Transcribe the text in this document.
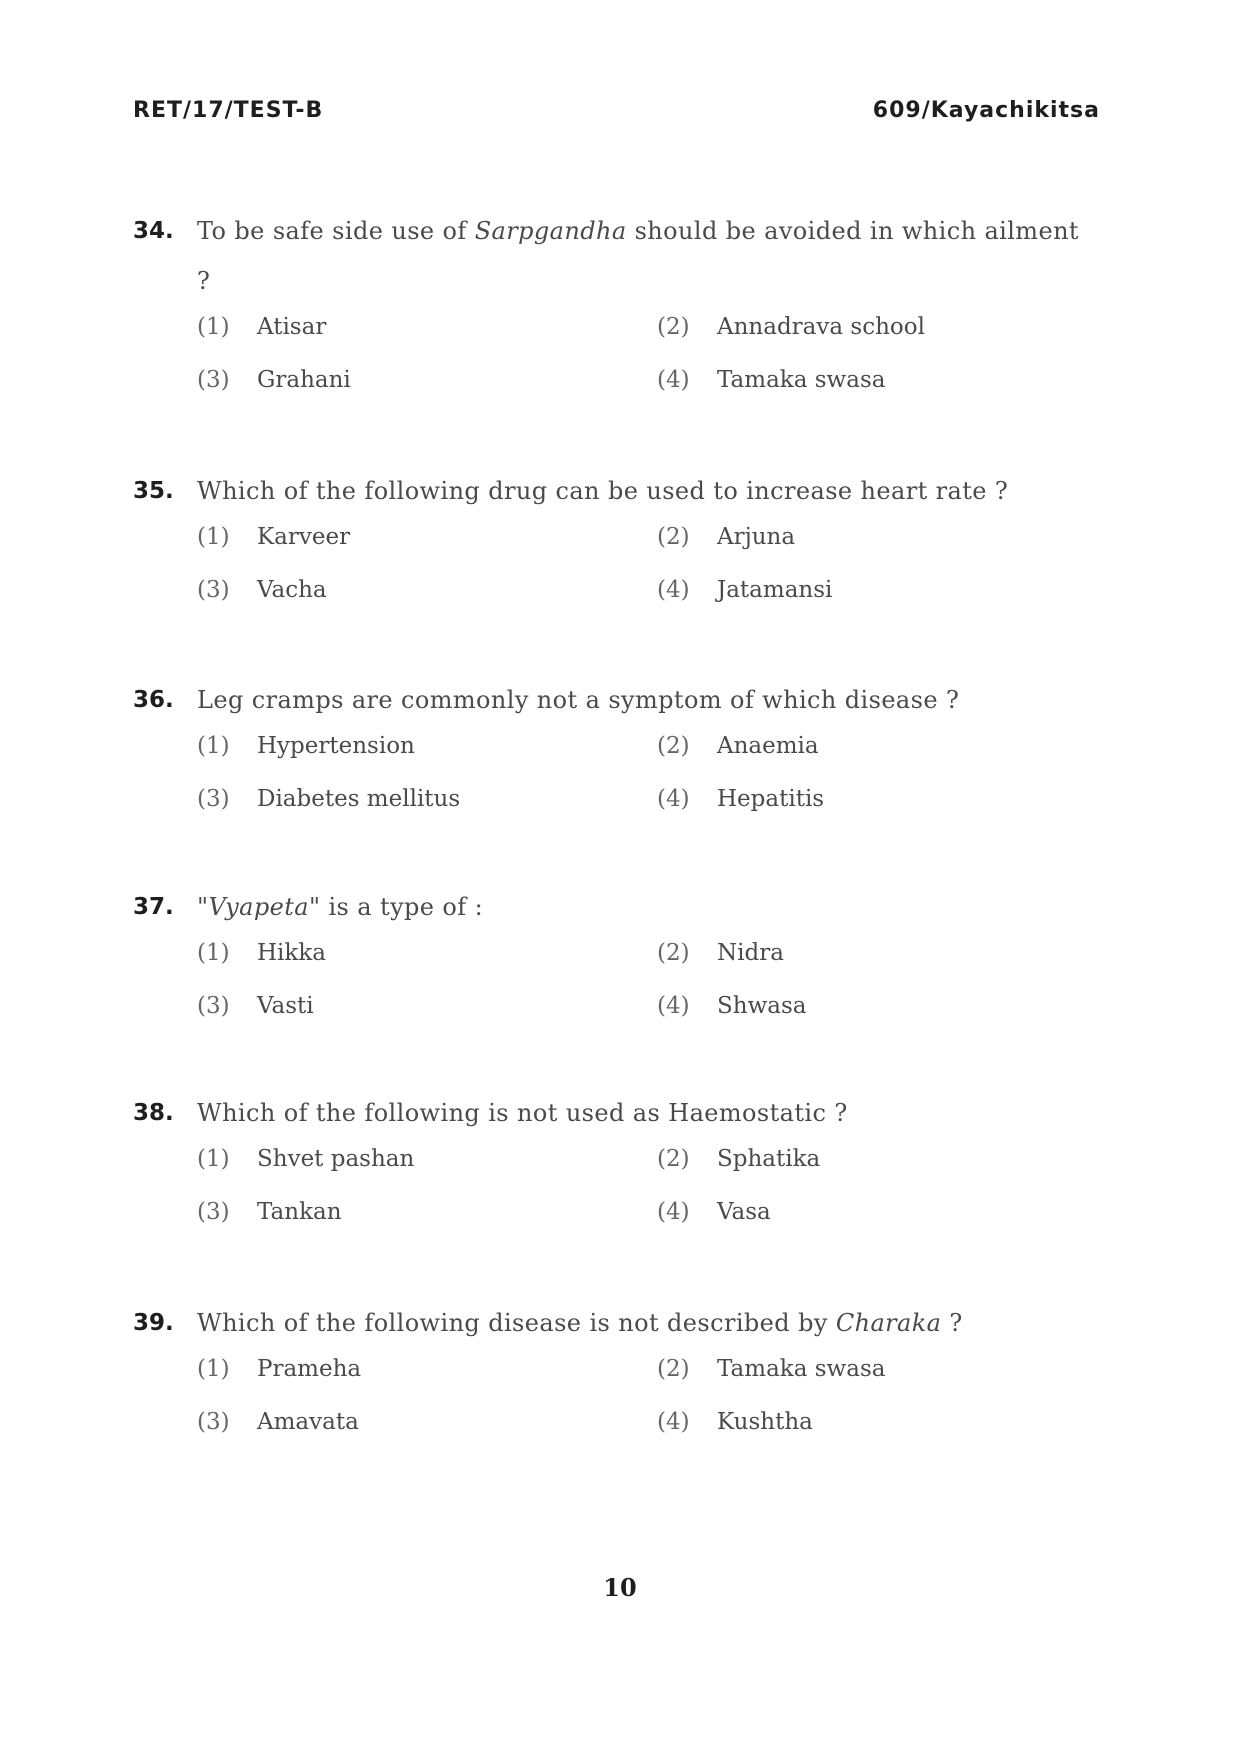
RET/17/TEST-B	609/Kayachikitsa
34. To be safe side use of Sarpgandha should be avoided in which ailment ?
(1) Atisar	(2) Annadrava school
(3) Grahani	(4) Tamaka swasa
35. Which of the following drug can be used to increase heart rate ?
(1) Karveer	(2) Arjuna
(3) Vacha	(4) Jatamansi
36. Leg cramps are commonly not a symptom of which disease ?
(1) Hypertension	(2) Anaemia
(3) Diabetes mellitus	(4) Hepatitis
37. "Vyapeta" is a type of :
(1) Hikka	(2) Nidra
(3) Vasti	(4) Shwasa
38. Which of the following is not used as Haemostatic ?
(1) Shvet pashan	(2) Sphatika
(3) Tankan	(4) Vasa
39. Which of the following disease is not described by Charaka ?
(1) Prameha	(2) Tamaka swasa
(3) Amavata	(4) Kushtha
10
